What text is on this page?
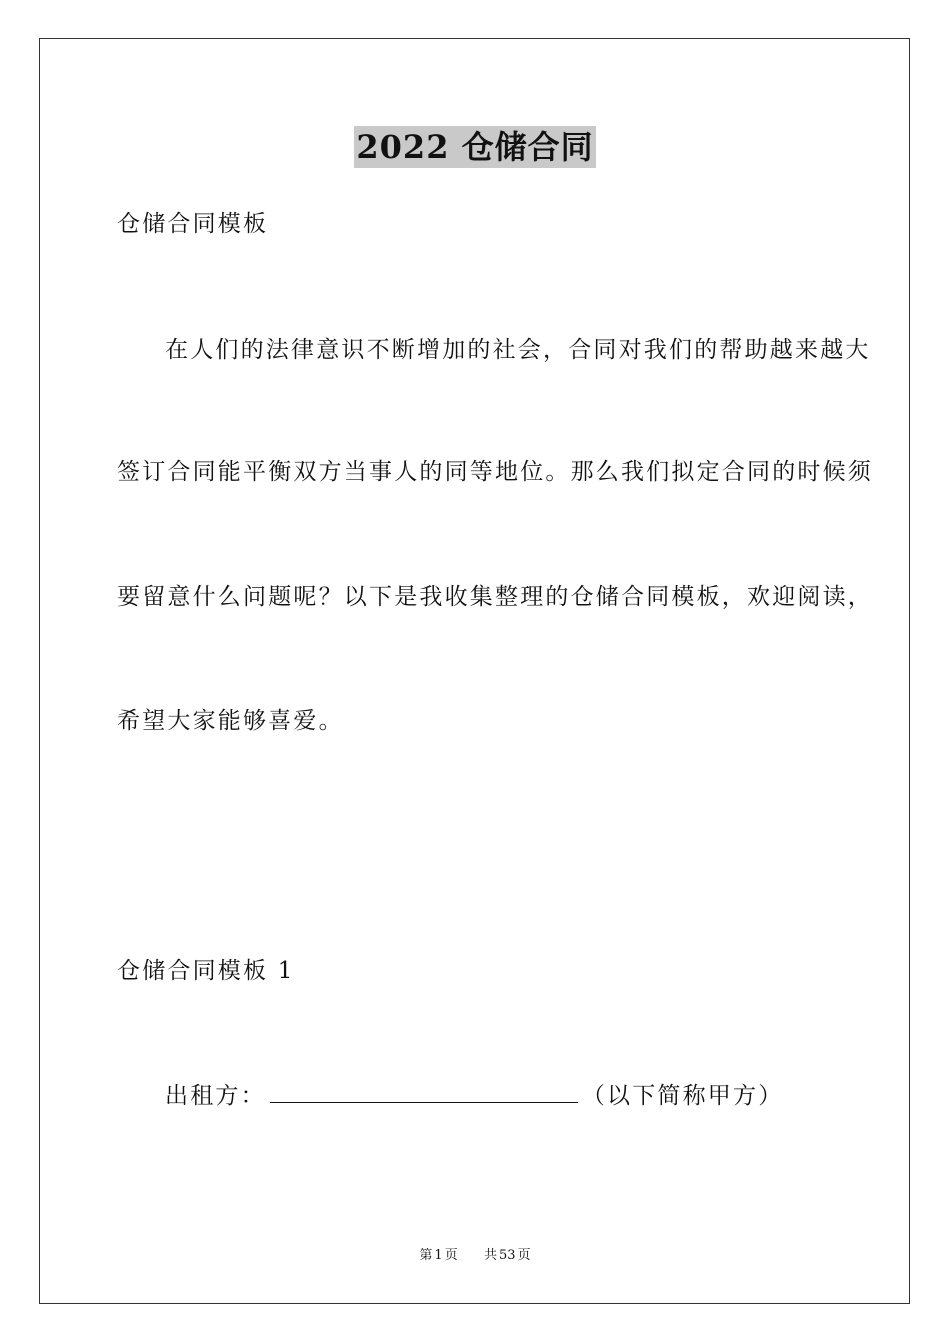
2022 仓储合同
仓储合同模板
在人们的法律意识不断增加的社会，合同对我们的帮助越来越大
签订合同能平衡双方当事人的同等地位。那么我们拟定合同的时候须
要留意什么问题呢？以下是我收集整理的仓储合同模板，欢迎阅读，
希望大家能够喜爱。
仓储合同模板 1
出租方：	（以下简称甲方）
第 1 页 共 53 页
